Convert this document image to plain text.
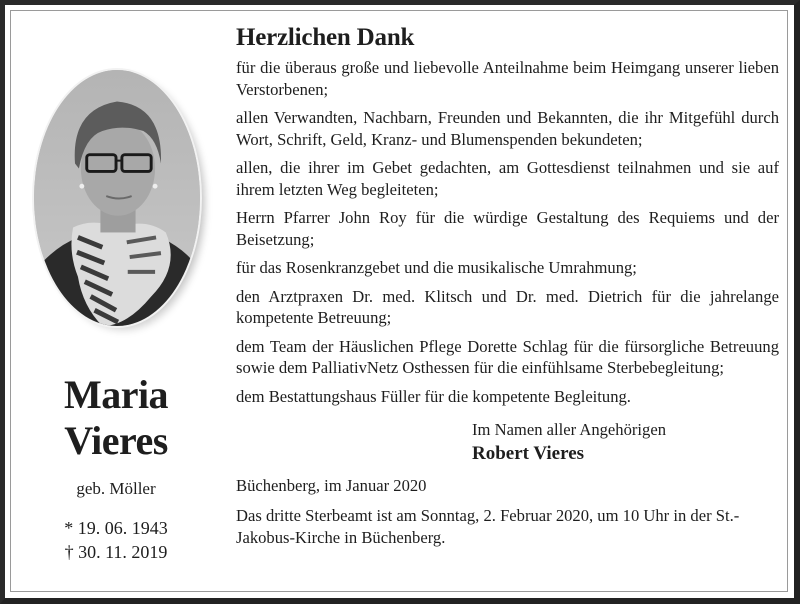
Maria
Vieres
geb. Möller
* 19. 06. 1943
† 30. 11. 2019
Herzlichen Dank

für die überaus große und liebevolle Anteilnahme beim Heimgang unserer lieben Verstorbenen;

allen Verwandten, Nachbarn, Freunden und Bekannten, die ihr Mitgefühl durch Wort, Schrift, Geld, Kranz- und Blumenspenden bekundeten;

allen, die ihrer im Gebet gedachten, am Gottesdienst teilnahmen und sie auf ihrem letzten Weg begleiteten;

Herrn Pfarrer John Roy für die würdige Gestaltung des Requiems und der Beisetzung;

für das Rosenkranzgebet und die musikalische Umrahmung;

den Arztpraxen Dr. med. Klitsch und Dr. med. Dietrich für die jahrelange kompetente Betreuung;

dem Team der Häuslichen Pflege Dorette Schlag für die fürsorgliche Betreuung sowie dem PalliativNetz Osthessen für die einfühlsame Sterbebegleitung;

dem Bestattungshaus Füller für die kompetente Begleitung.

Im Namen aller Angehörigen
Robert Vieres
Büchenberg, im Januar 2020

Das dritte Sterbeamt ist am Sonntag, 2. Februar 2020, um 10 Uhr in der St.-Jakobus-Kirche in Büchenberg.
